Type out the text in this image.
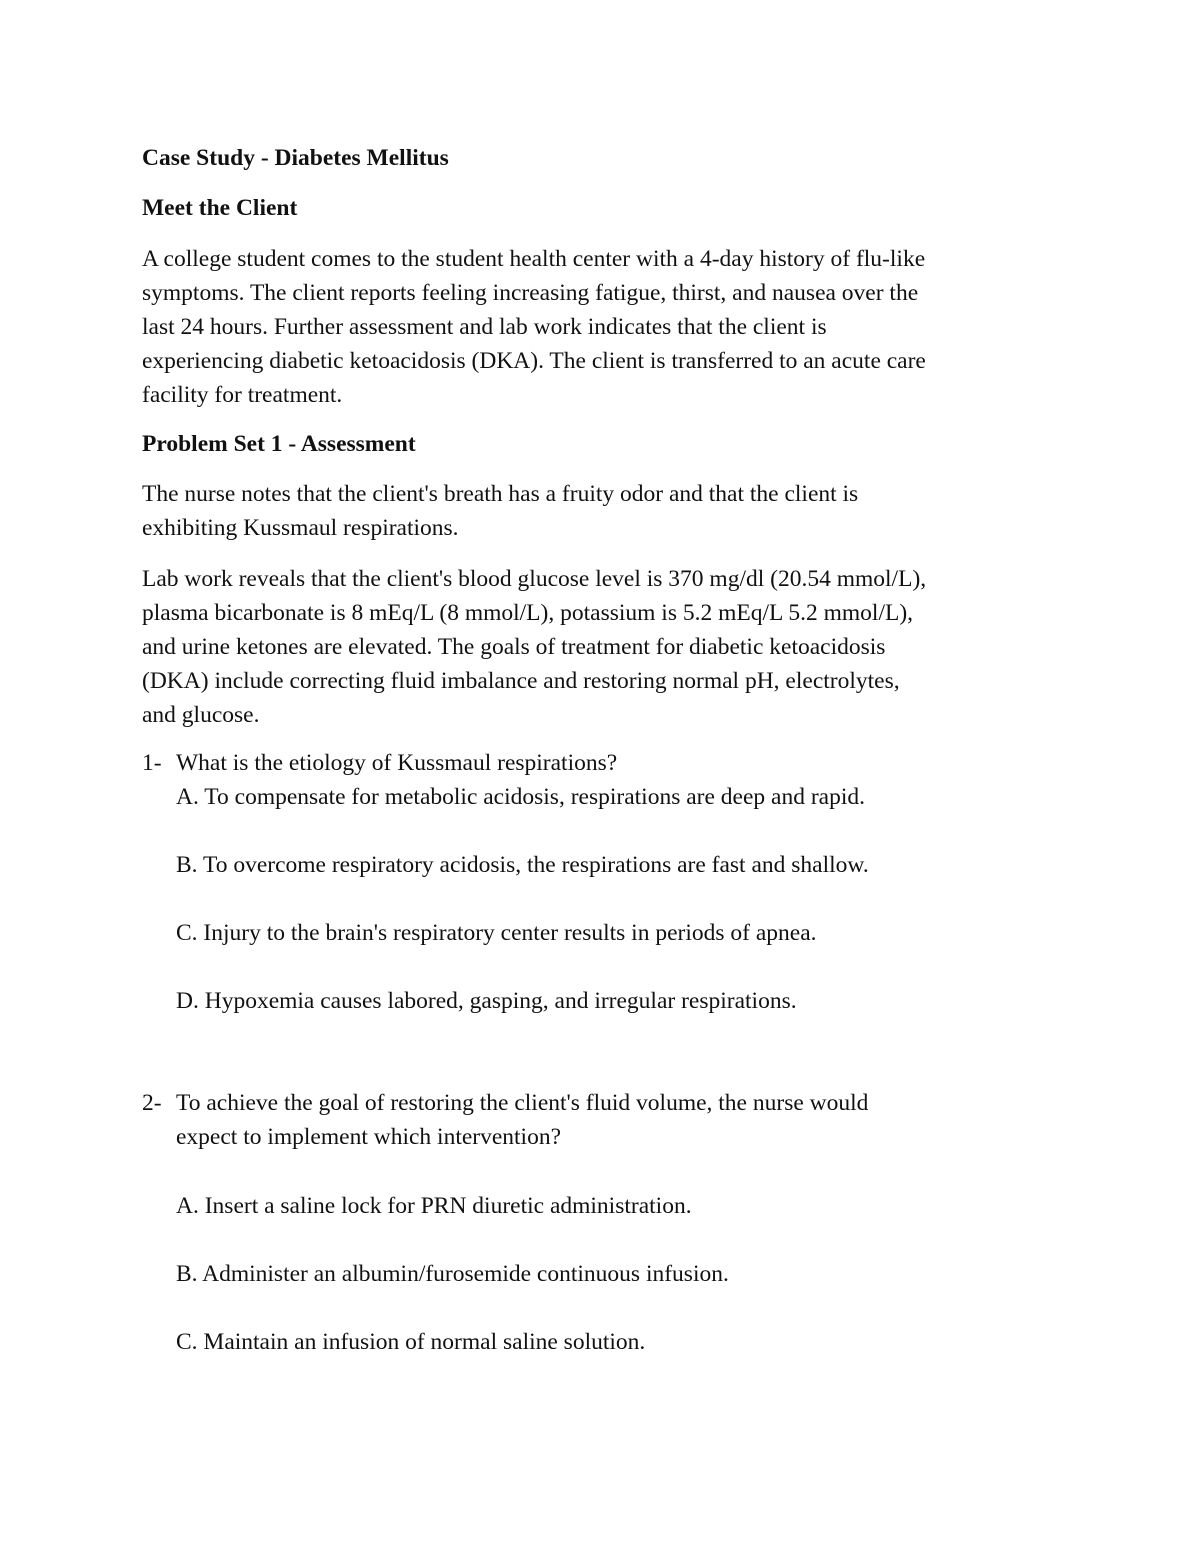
Case Study - Diabetes Mellitus

Meet the Client

A college student comes to the student health center with a 4-day history of flu-like
symptoms. The client reports feeling increasing fatigue, thirst, and nausea over the
last 24 hours. Further assessment and lab work indicates that the client is
experiencing diabetic ketoacidosis (DKA). The client is transferred to an acute care
facility for treatment.

Problem Set 1 - Assessment

The nurse notes that the client's breath has a fruity odor and that the client is
exhibiting Kussmaul respirations.
Lab work reveals that the client's blood glucose level is 370 mg/dl (20.54 mmol/L),
plasma bicarbonate is 8 mEq/L (8 mmol/L), potassium is 5.2 mEq/L 5.2 mmol/L),
and urine ketones are elevated. The goals of treatment for diabetic ketoacidosis
(DKA) include correcting fluid imbalance and restoring normal pH, electrolytes,
and glucose.
1- What is the etiology of Kussmaul respirations?
A. To compensate for metabolic acidosis, respirations are deep and rapid.
B. To overcome respiratory acidosis, the respirations are fast and shallow.
C. Injury to the brain's respiratory center results in periods of apnea.
D. Hypoxemia causes labored, gasping, and irregular respirations.
2- To achieve the goal of restoring the client's fluid volume, the nurse would
expect to implement which intervention?
A. Insert a saline lock for PRN diuretic administration.
B. Administer an albumin/furosemide continuous infusion.
C. Maintain an infusion of normal saline solution.
